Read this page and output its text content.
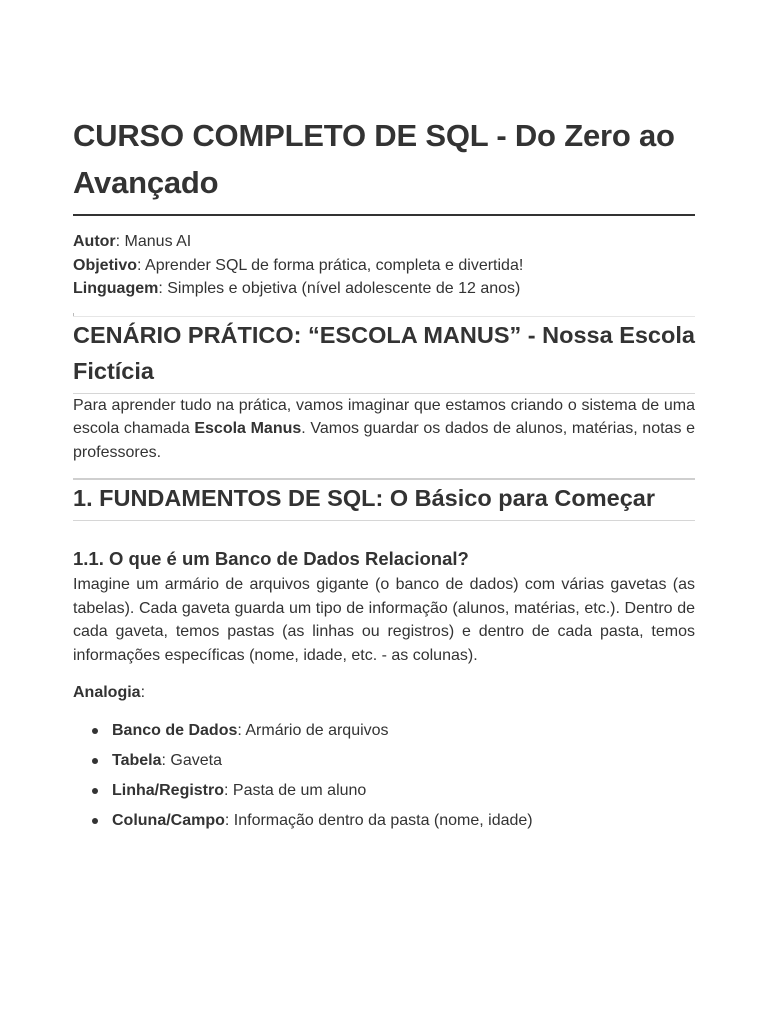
CURSO COMPLETO DE SQL - Do Zero ao Avançado
Autor: Manus AI
Objetivo: Aprender SQL de forma prática, completa e divertida!
Linguagem: Simples e objetiva (nível adolescente de 12 anos)
CENÁRIO PRÁTICO: “ESCOLA MANUS” - Nossa Escola Fictícia

Para aprender tudo na prática, vamos imaginar que estamos criando o sistema de uma escola chamada Escola Manus. Vamos guardar os dados de alunos, matérias, notas e professores.

1. FUNDAMENTOS DE SQL: O Básico para Começar
1.1. O que é um Banco de Dados Relacional?

Imagine um armário de arquivos gigante (o banco de dados) com várias gavetas (as tabelas). Cada gaveta guarda um tipo de informação (alunos, matérias, etc.). Dentro de cada gaveta, temos pastas (as linhas ou registros) e dentro de cada pasta, temos informações específicas (nome, idade, etc. - as colunas).

Analogia:
Banco de Dados: Armário de arquivos
Tabela: Gaveta
Linha/Registro: Pasta de um aluno
Coluna/Campo: Informação dentro da pasta (nome, idade)
